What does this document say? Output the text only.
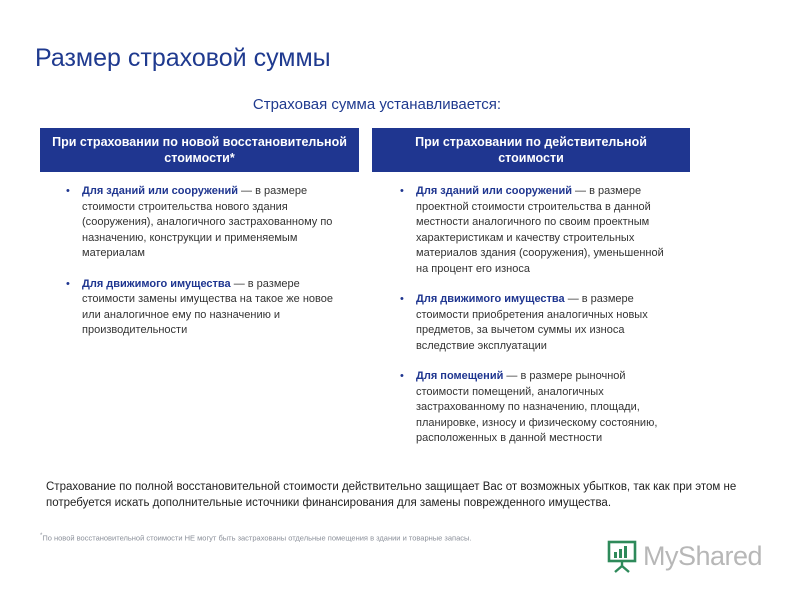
Размер страховой суммы
Страховая сумма устанавливается:
При страховании по новой восстановительной стоимости*
При страховании по действительной стоимости
• Для зданий или сооружений — в размере стоимости строительства нового здания (сооружения), аналогичного застрахованному по назначению, конструкции и применяемым материалам
• Для движимого имущества — в размере стоимости замены имущества на такое же новое или аналогичное ему по назначению и производительности
• Для зданий или сооружений — в размере проектной стоимости строительства в данной местности аналогичного по своим проектным характеристикам и качеству строительных материалов здания (сооружения), уменьшенной на процент его износа
• Для движимого имущества — в размере стоимости приобретения аналогичных новых предметов, за вычетом суммы их износа вследствие эксплуатации
• Для помещений — в размере рыночной стоимости помещений, аналогичных застрахованному по назначению, площади, планировке, износу и физическому состоянию, расположенных в данной местности
Страхование по полной восстановительной стоимости действительно защищает Вас от возможных убытков, так как при этом не потребуется искать дополнительные источники финансирования для замены поврежденного имущества.
*По новой восстановительной стоимости НЕ могут быть застрахованы отдельные помещения в здании и товарные запасы.
MyShared
